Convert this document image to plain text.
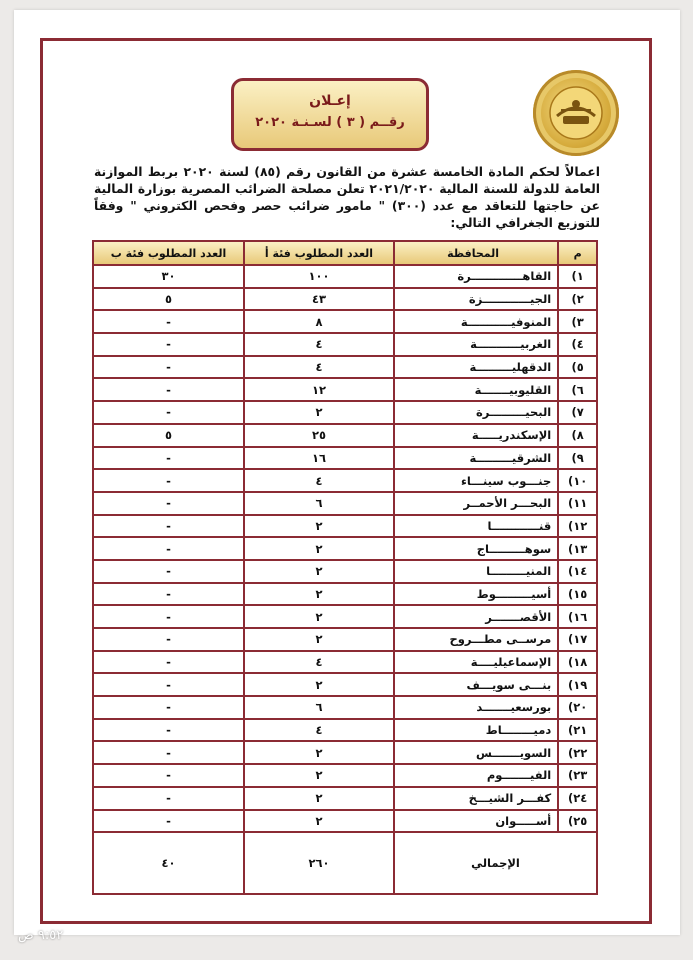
إعـلان
رقــم ( ٣ ) لسـنـة ٢٠٢٠
اعمالاً لحكم المادة الخامسة عشرة من القانون رقم (٨٥) لسنة ٢٠٢٠ بربط الموازنة العامة للدولة للسنة المالية ٢٠٢١/٢٠٢٠ تعلن مصلحة الضرائب المصرية بوزارة المالية عن حاجتها للتعاقد مع عدد (٣٠٠) " مامور ضرائب حصر وفحص الكتروني " وفقاً للتوزيع الجغرافي التالي:
م	المحافظة	العدد المطلوب فئة أ	العدد المطلوب فئة ب
١)	القاهـــــــــــــرة	١٠٠	٣٠
٢)	الجيــــــــــــزة	٤٣	٥
٣)	المنوفيـــــــــــة	٨	-
٤)	الغربيـــــــــــة	٤	-
٥)	الدقهليـــــــــة	٤	-
٦)	القليوبيـــــــة	١٢	-
٧)	البحيـــــــــرة	٢	-
٨)	الإسكندريـــــة	٢٥	٥
٩)	الشرقيـــــــــة	١٦	-
١٠)	جنـــوب سينـــاء	٤	-
١١)	البحـــر الأحمــر	٦	-
١٢)	قنــــــــــــا	٢	-
١٣)	سوهـــــــــاج	٢	-
١٤)	المنيـــــــــا	٢	-
١٥)	أسيـــــــــوط	٢	-
١٦)	الأقصـــــــر	٢	-
١٧)	مرســى مطـــروح	٢	-
١٨)	الإسماعيليــــة	٤	-
١٩)	بنـــى سويـــف	٢	-
٢٠)	بورسعيـــــــد	٦	-
٢١)	دميــــــــاط	٤	-
٢٢)	السويـــــــس	٢	-
٢٣)	الفيـــــــوم	٢	-
٢٤)	كفـــر الشيـــخ	٢	-
٢٥)	أســـــوان	٢	-
الإجمالي		٢٦٠	٤٠
٩:٥٢ ص
